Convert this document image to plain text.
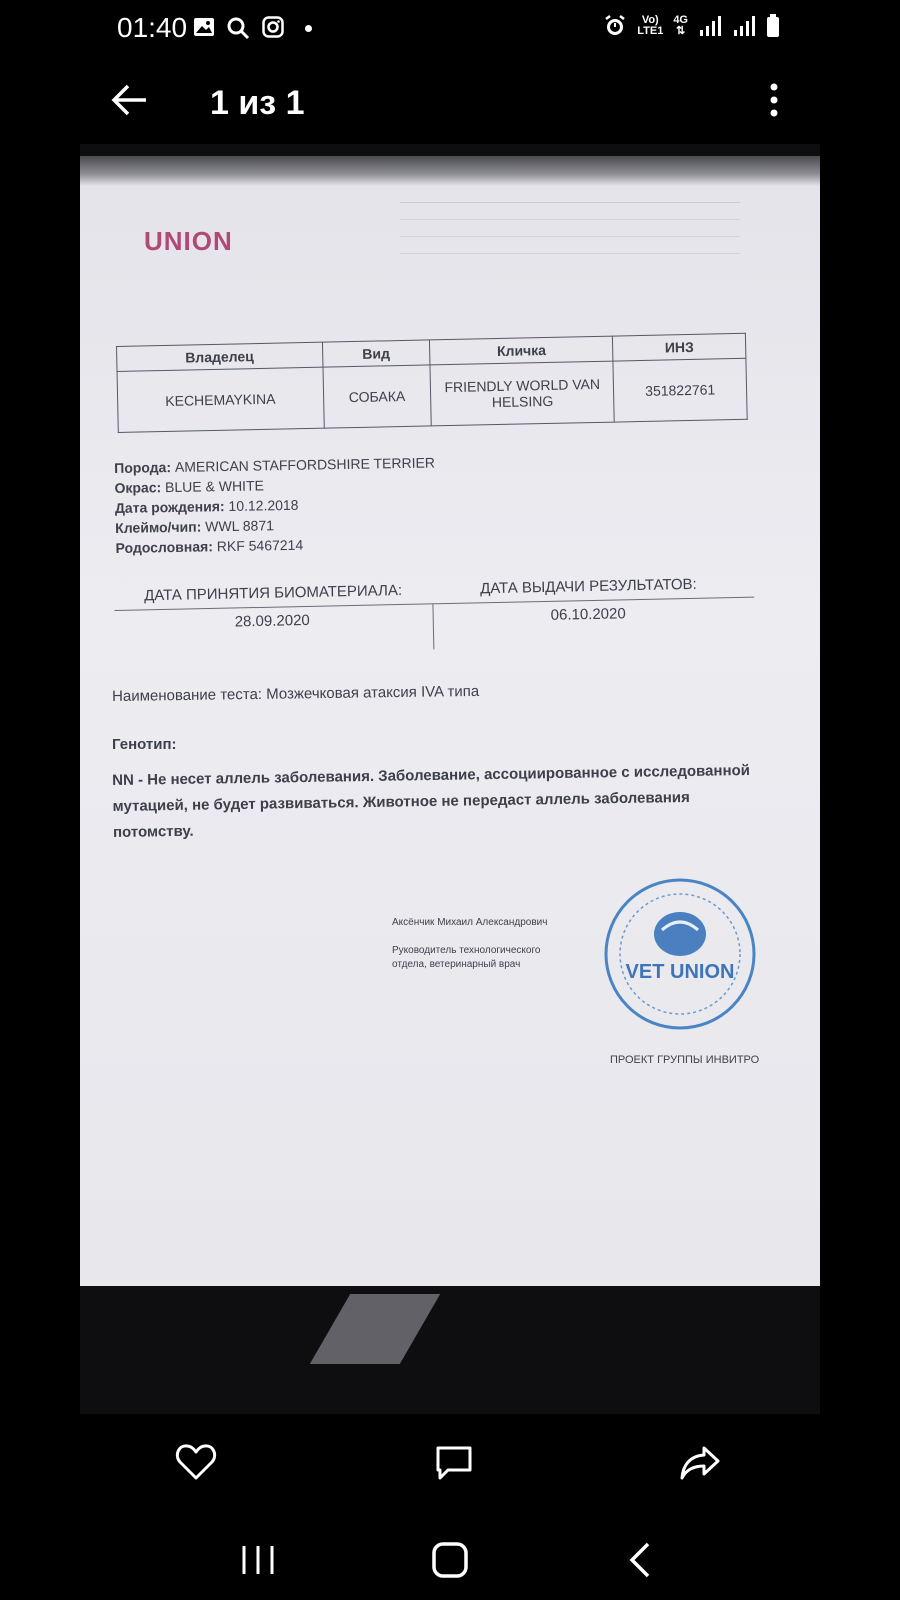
01:40	Vo)
LTE1
4G
⇅
1 из 1
UNION
Владелец	Вид	Кличка	ИНЗ
KECHEMAYKINA	СОБАКА	FRIENDLY WORLD VAN HELSING	351822761
Порода: AMERICAN STAFFORDSHIRE TERRIER
Окрас: BLUE & WHITE
Дата рождения: 10.12.2018
Клеймо/чип: WWL 8871
Родословная: RKF 5467214
ДАТА ПРИНЯТИЯ БИОМАТЕРИАЛА:	ДАТА ВЫДАЧИ РЕЗУЛЬТАТОВ:
28.09.2020	06.10.2020
Наименование теста: Мозжечковая атаксия IVA типа
Генотип:
NN - Не несет аллель заболевания. Заболевание, ассоциированное с исследованной мутацией, не будет развиваться. Животное не передаст аллель заболевания потомству.
Аксёнчик Михаил Александрович
Руководитель технологического отдела, ветеринарный врач	VET UNION
ПРОЕКТ ГРУППЫ ИНВИТРО
